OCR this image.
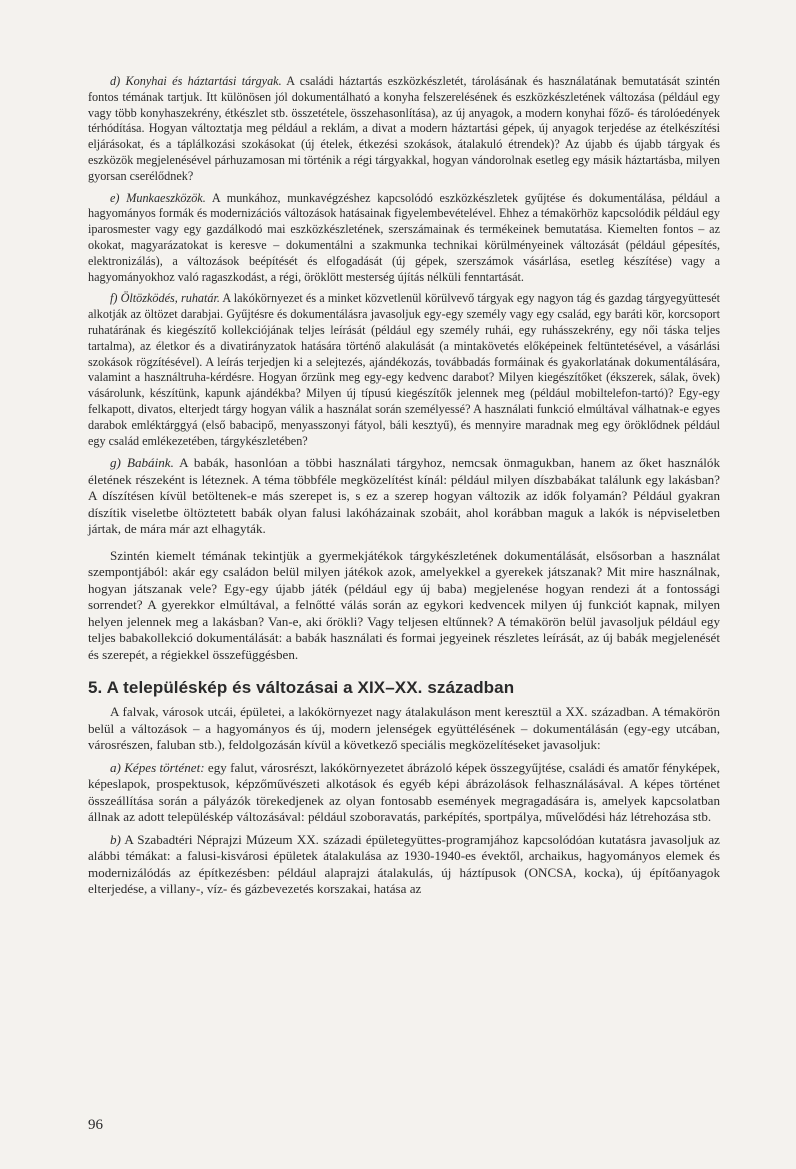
d) Konyhai és háztartási tárgyak. A családi háztartás eszközkészletét, tárolásának és használatának bemutatását szintén fontos témának tartjuk. Itt különösen jól dokumentálható a konyha felszerelésének és eszközkészletének változása (például egy vagy több konyhaszekrény, étkészlet stb. összetétele, összehasonlítása), az új anyagok, a modern konyhai főző- és tárolóedények térhódítása. Hogyan változtatja meg például a reklám, a divat a modern háztartási gépek, új anyagok terjedése az ételkészítési eljárásokat, és a táplálkozási szokásokat (új ételek, étkezési szokások, átalakuló étrendek)? Az újabb és újabb tárgyak és eszközök megjelenésével párhuzamosan mi történik a régi tárgyakkal, hogyan vándorolnak esetleg egy másik háztartásba, milyen gyorsan cserélődnek?

e) Munkaeszközök. A munkához, munkavégzéshez kapcsolódó eszközkészletek gyűjtése és dokumentálása, például a hagyományos formák és modernizációs változások hatásainak figyelembevételével. Ehhez a témakörhöz kapcsolódik például egy iparosmester vagy egy gazdálkodó mai eszközkészletének, szerszámainak és termékeinek bemutatása. Kiemelten fontos – az okokat, magyarázatokat is keresve – dokumentálni a szakmunka technikai körülményeinek változását (például gépesítés, elektronizálás), a változások beépítését és elfogadását (új gépek, szerszámok vásárlása, esetleg készítése) vagy a hagyományokhoz való ragaszkodást, a régi, öröklött mesterség újítás nélküli fenntartását.

f) Öltözködés, ruhatár. A lakókörnyezet és a minket közvetlenül körülvevő tárgyak egy nagyon tág és gazdag tárgyegyüttesét alkotják az öltözet darabjai. Gyűjtésre és dokumentálásra javasoljuk egy-egy személy vagy egy család, egy baráti kör, korcsoport ruhatárának és kiegészítő kollekciójának teljes leírását (például egy személy ruhái, egy ruhásszekrény, egy női táska teljes tartalma), az életkor és a divatirányzatok hatására történő alakulását (a mintakövetés előképeinek feltüntetésével, a vásárlási szokások rögzítésével). A leírás terjedjen ki a selejtezés, ajándékozás, továbbadás formáinak és gyakorlatának dokumentálására, valamint a használtruha-kérdésre. Hogyan őrzünk meg egy-egy kedvenc darabot? Milyen kiegészítőket (ékszerek, sálak, övek) vásárolunk, készítünk, kapunk ajándékba? Milyen új típusú kiegészítők jelennek meg (például mobiltelefon-tartó)? Egy-egy felkapott, divatos, elterjedt tárgy hogyan válik a használat során személyessé? A használati funkció elmúltával válhatnak-e egyes darabok emléktárggyá (első babacipő, menyasszonyi fátyol, báli kesztyű), és mennyire maradnak meg egy öröklődnek például egy család emlékezetében, tárgykészletében?

g) Babáink. A babák, hasonlóan a többi használati tárgyhoz, nemcsak önmagukban, hanem az őket használók életének részeként is léteznek. A téma többféle megközelítést kínál: például milyen díszbabákat találunk egy lakásban? A díszítésen kívül betöltenek-e más szerepet is, s ez a szerep hogyan változik az idők folyamán? Például gyakran díszítik viseletbe öltöztetett babák olyan falusi lakóházainak szobáit, ahol korábban maguk a lakók is népviseletben jártak, de mára már azt elhagyták.

Szintén kiemelt témának tekintjük a gyermekjátékok tárgykészletének dokumentálását, elsősorban a használat szempontjából: akár egy családon belül milyen játékok azok, amelyekkel a gyerekek játszanak? Mit mire használnak, hogyan játszanak vele? Egy-egy újabb játék (például egy új baba) megjelenése hogyan rendezi át a fontossági sorrendet? A gyerekkor elmúltával, a felnőtté válás során az egykori kedvencek milyen új funkciót kapnak, milyen helyen jelennek meg a lakásban? Van-e, aki őrökli? Vagy teljesen eltűnnek? A témakörön belül javasoljuk például egy teljes babakollekció dokumentálását: a babák használati és formai jegyeinek részletes leírását, az új babák megjelenését és szerepét, a régiekkel összefüggésben.

5. A településkép és változásai a XIX–XX. században

A falvak, városok utcái, épületei, a lakókörnyezet nagy átalakuláson ment keresztül a XX. században. A témakörön belül a változások – a hagyományos és új, modern jelenségek együttélésének – dokumentálásán (egy-egy utcában, városrészen, faluban stb.), feldolgozásán kívül a következő speciális megközelítéseket javasoljuk:

a) Képes történet: egy falut, városrészt, lakókörnyezetet ábrázoló képek összegyűjtése, családi és amatőr fényképek, képeslapok, prospektusok, képzőművészeti alkotások és egyéb képi ábrázolások felhasználásával. A képes történet összeállítása során a pályázók törekedjenek az olyan fontosabb események megragadására is, amelyek kapcsolatban állnak az adott településkép változásával: például szoboravatás, parképítés, sportpálya, művelődési ház létrehozása stb.

b) A Szabadtéri Néprajzi Múzeum XX. századi épületegyüttes-programjához kapcsolódóan kutatásra javasoljuk az alábbi témákat: a falusi-kisvárosi épületek átalakulása az 1930-1940-es évektől, archaikus, hagyományos elemek és modernizálódás az építkezésben: például alaprajzi átalakulás, új háztípusok (ONCSA, kocka), új építőanyagok elterjedése, a villany-, víz- és gázbevezetés korszakai, hatása az

96
